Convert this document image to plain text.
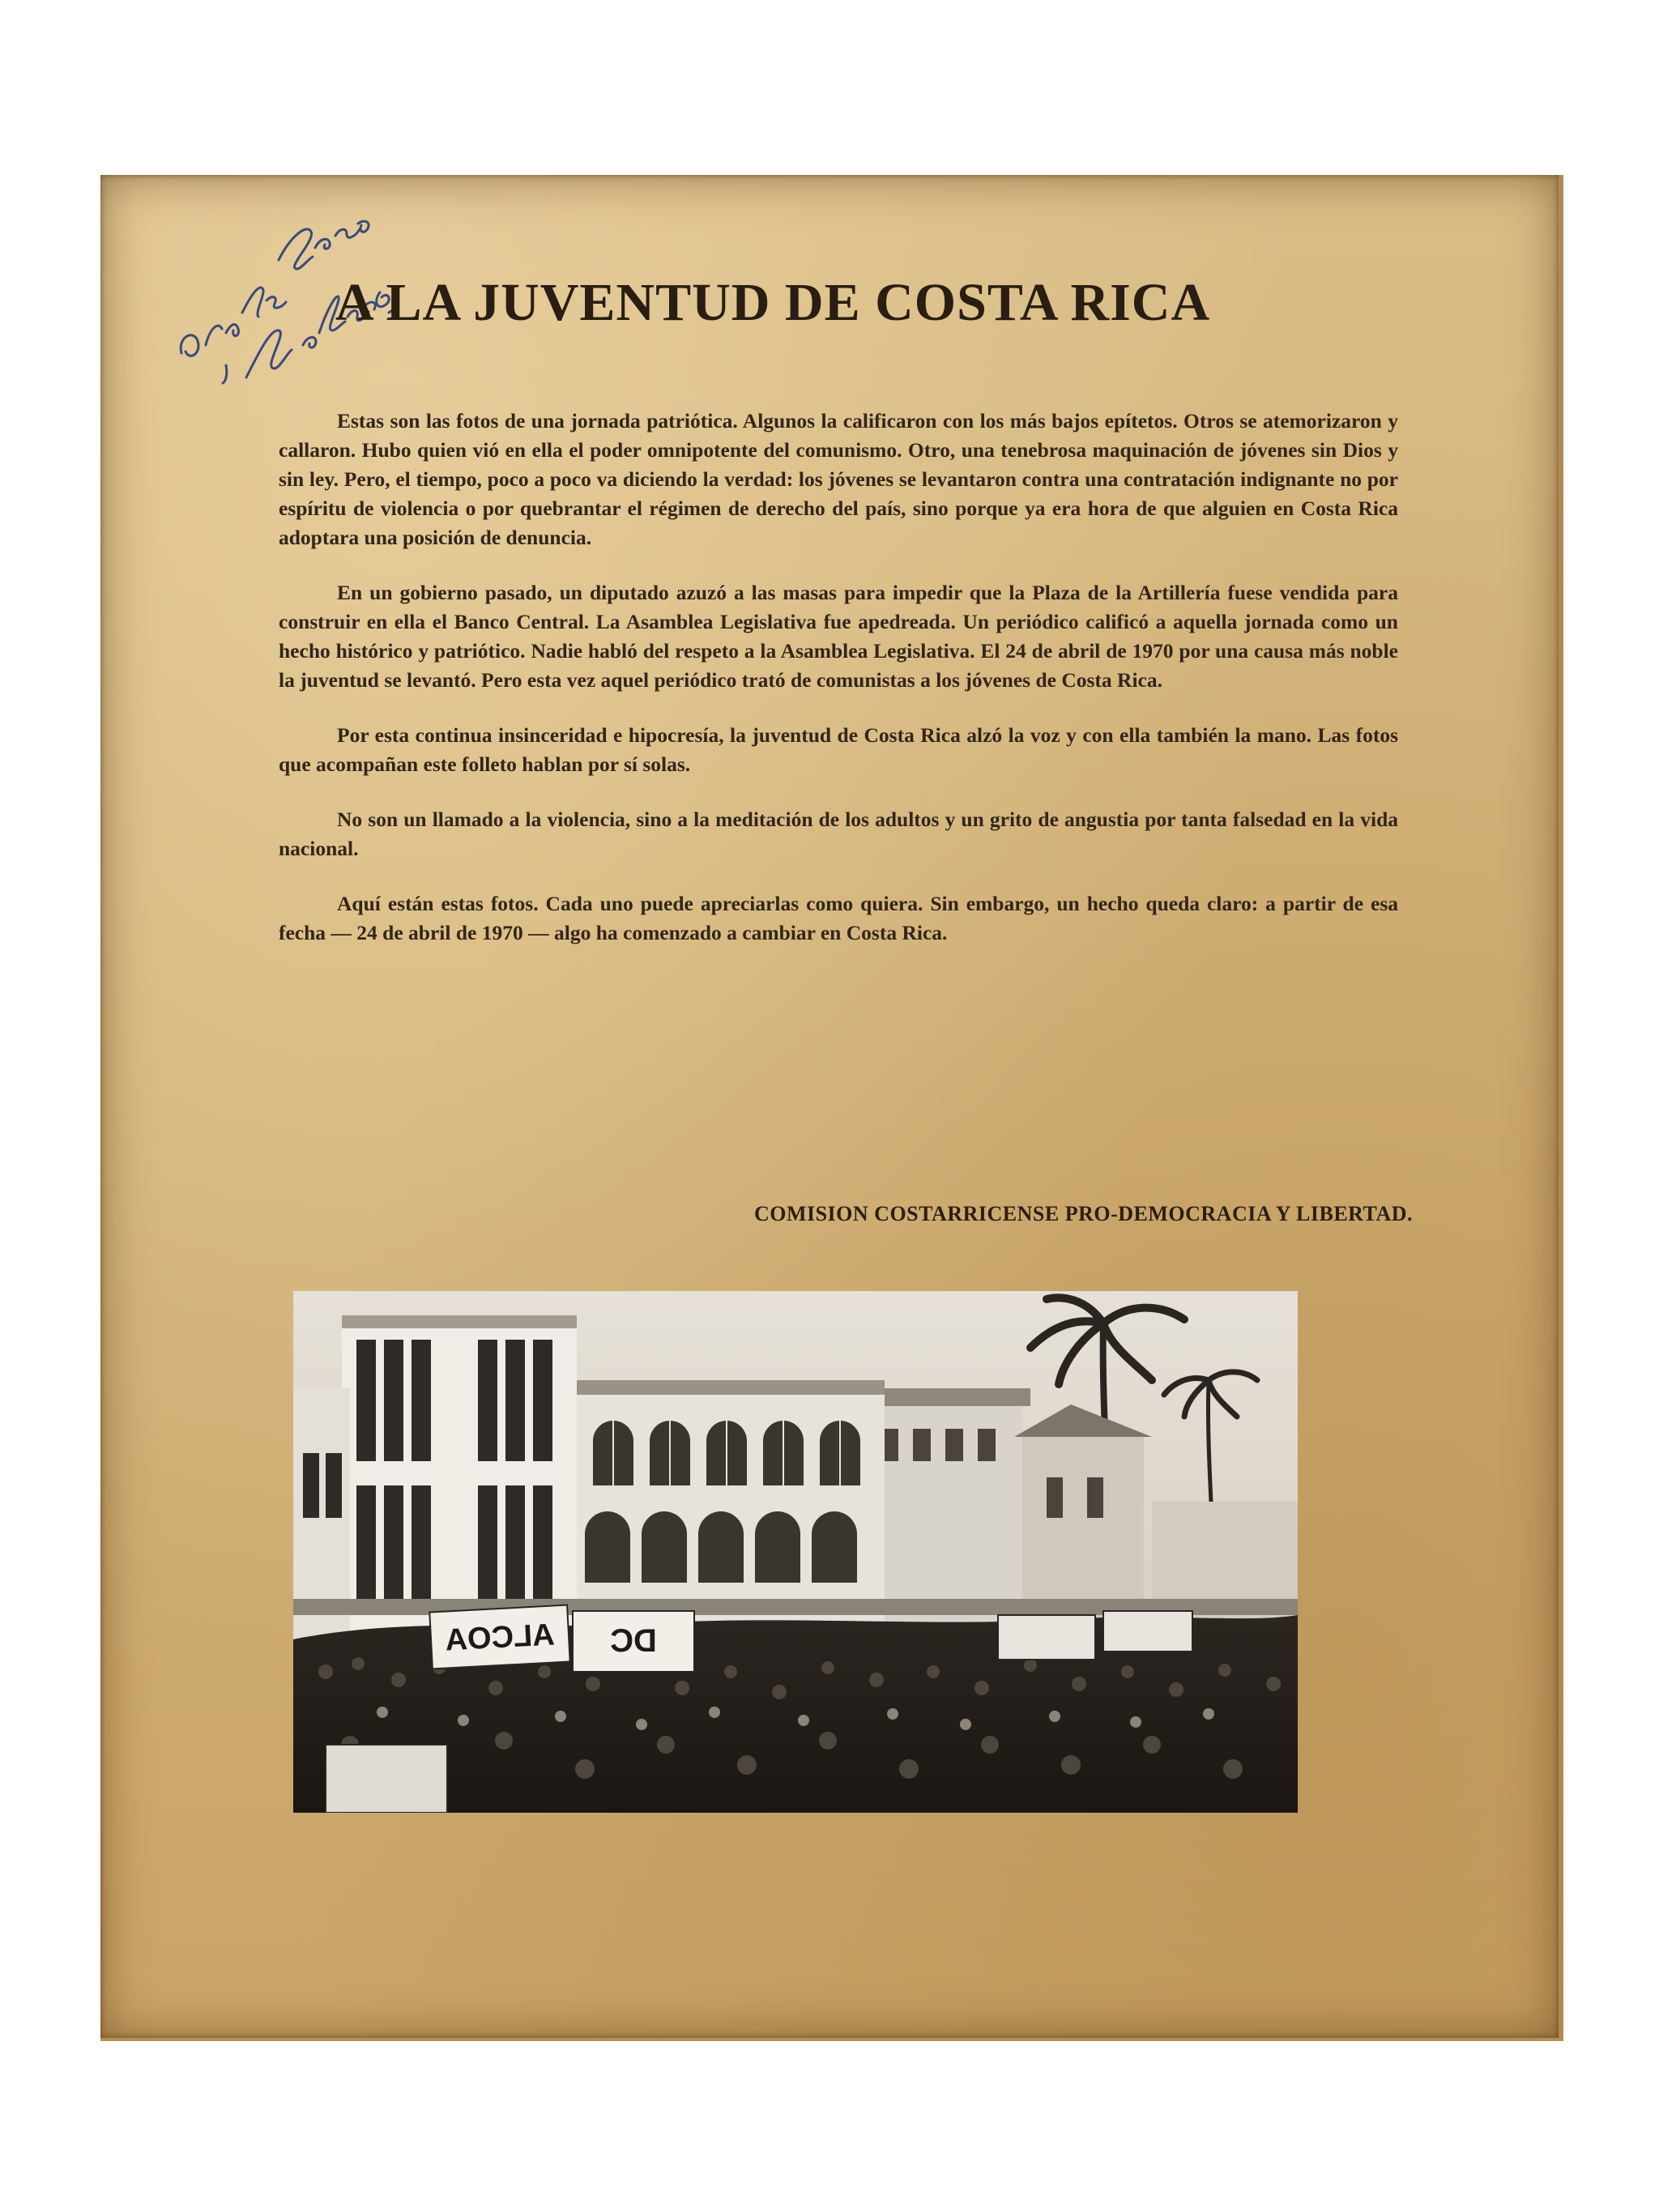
A LA JUVENTUD DE COSTA RICA

Estas son las fotos de una jornada patriótica. Algunos la calificaron con los más bajos epítetos. Otros se atemorizaron y callaron. Hubo quien vió en ella el poder omnipotente del comunismo. Otro, una tenebrosa maquinación de jóvenes sin Dios y sin ley. Pero, el tiempo, poco a poco va diciendo la verdad: los jóvenes se levantaron contra una contratación indignante no por espíritu de violencia o por quebrantar el régimen de derecho del país, sino porque ya era hora de que alguien en Costa Rica adoptara una posición de denuncia.

En un gobierno pasado, un diputado azuzó a las masas para impedir que la Plaza de la Artillería fuese vendida para construir en ella el Banco Central. La Asamblea Legislativa fue apedreada. Un periódico calificó a aquella jornada como un hecho histórico y patriótico. Nadie habló del respeto a la Asamblea Legislativa. El 24 de abril de 1970 por una causa más noble la juventud se levantó. Pero esta vez aquel periódico trató de comunistas a los jóvenes de Costa Rica.

Por esta continua insinceridad e hipocresía, la juventud de Costa Rica alzó la voz y con ella también la mano. Las fotos que acompañan este folleto hablan por sí solas.

No son un llamado a la violencia, sino a la meditación de los adultos y un grito de angustia por tanta falsedad en la vida nacional.

Aquí están estas fotos. Cada uno puede apreciarlas como quiera. Sin embargo, un hecho queda claro: a partir de esa fecha — 24 de abril de 1970 — algo ha comenzado a cambiar en Costa Rica.

COMISION COSTARRICENSE PRO-DEMOCRACIA Y LIBERTAD.
ALCOA DC
